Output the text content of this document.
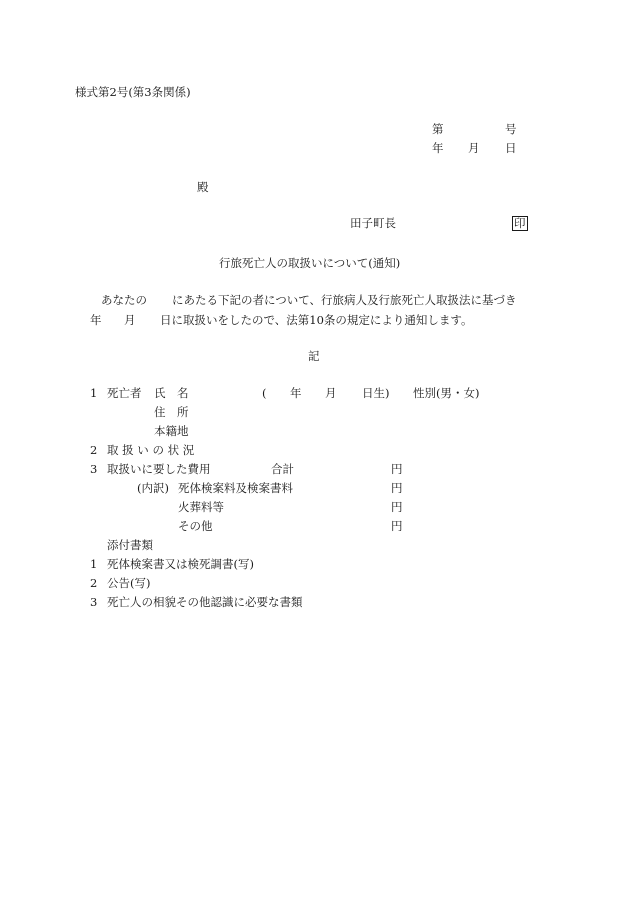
様式第2号(第3条関係)
第	号
年 月 日
殿
田子町長	印
行旅死亡人の取扱いについて(通知)
あなたの にあたる下記の者について、行旅病人及行旅死亡人取扱法に基づき
年 月 日に取扱いをしたので、法第10条の規定により通知します。
記
1 死亡者 氏　名	( 年 月 日生) 性別(男・女)
住　所
本籍地
2 取 扱 い の 状 況
3 取扱いに要した費用	合計	円
(内訳) 死体検案料及検案書料	円
火葬料等	円
その他	円
添付書類
1 死体検案書又は検死調書(写)
2 公告(写)
3 死亡人の相貌その他認識に必要な書類
